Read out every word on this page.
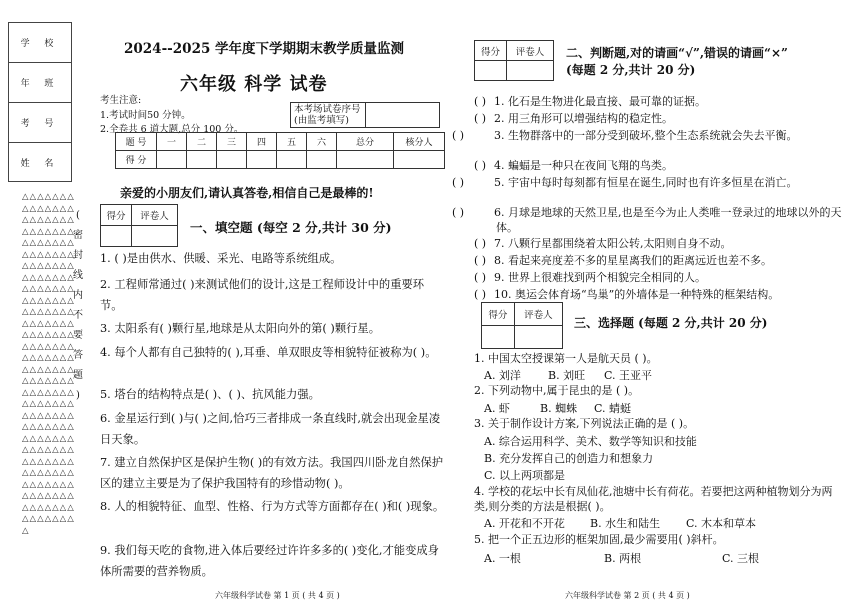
学 校
年 班
考 号
姓 名
△△△△△△△△△△△△△△△△△△△△△△△△△△△△△△△△△△△△△△△△△△△△△△△△△△△△△△△△△△△△△△△△△△△△△△△△△△△△△△△△△△△△△△△△△△△△△△△△△△△△△△△△△△△△△△△△△△△△△△△△△△△△△△△△△△△△△△△△△△△△△△△△△△△△△△△△△△△△△△△△△△△△△△△△△△△△△△△△△△△△△△△△△△△△△△△△△△△△△△△△△△△△
(
密
封
线
内
不
要
答
题
)
2024--2025 学年度下学期期末教学质量监测
六年级 科学 试卷
考生注意:
1.考试时间50 分钟。
2.全卷共 6 道大题,总分 100 分。
本考场试卷序号
(由监考填写)	
题 号	一	二	三	四	五	六	总分	核分人
得 分								
亲爱的小朋友们,请认真答卷,相信自己是最棒的!
得分	评卷人

一、填空题 (每空 2 分,共计 30 分)
1. ( )是由供水、供暖、采光、电路等系统组成。
2. 工程师常通过( )来测试他们的设计,这是工程师设计中的重要环节。
3. 太阳系有( )颗行星,地球是从太阳向外的第( )颗行星。
4. 每个人都有自己独特的( ),耳垂、单双眼皮等相貌特征被称为( )。
5. 塔台的结构特点是( )、( )、抗风能力强。
6. 金星运行到( )与( )之间,恰巧三者排成一条直线时,就会出现金星凌日天象。
7. 建立自然保护区是保护生物( )的有效方法。我国四川卧龙自然保护区的建立主要是为了保护我国特有的珍惜动物( )。
8. 人的相貌特征、血型、性格、行为方式等方面都存在( )和( )现象。
9. 我们每天吃的食物,进入体后要经过许许多多的( )变化,才能变成身体所需要的营养物质。
六年级科学试卷 第 1 页 ( 共 4 页 )
得分	评卷人
	二、判断题,对的请画“√”,错误的请画“×”
(每题 2 分,共计 20 分)
( ) 1. 化石是生物进化最直接、最可靠的证据。
( ) 2. 用三角形可以增强结构的稳定性。
( )	3. 生物群落中的一部分受到破坏,整个生态系统就会失去平衡。
( ) 4. 蝙蝠是一种只在夜间飞翔的鸟类。
( )	5. 宇宙中每时每刻都有恒星在诞生,同时也有许多恒星在消亡。
( )	6. 月球是地球的天然卫星,也是至今为止人类唯一登录过的地球以外的天体。
( ) 7. 八颗行星都围绕着太阳公转,太阳则自身不动。
( ) 8. 看起来亮度差不多的星星离我们的距离远近也差不多。
( ) 9. 世界上很难找到两个相貌完全相同的人。
( ) 10. 奥运会体育场“鸟巢”的外墙体是一种特殊的框架结构。
得分	评卷人

三、选择题 (每题 2 分,共计 20 分)
1. 中国太空授课第一人是航天员 ( )。
A. 刘洋 B. 刘旺 C. 王亚平
2. 下列动物中,属于昆虫的是 ( )。
A. 虾	B. 蜘蛛 C. 蜻蜓
3. 关于制作设计方案,下列说法正确的是 ( )。
A. 综合运用科学、美术、数学等知识和技能
B. 充分发挥自己的创造力和想象力
C. 以上两项都是
4. 学校的花坛中长有凤仙花,池塘中长有荷花。若要把这两种植物划分为两类,则分类的方法是根据( )。
A. 开花和不开花 B. 水生和陆生 C. 木本和草本
5. 把一个正五边形的框架加固,最少需要用( )斜杆。
A. 一根	B. 两根	C. 三根
六年级科学试卷 第 2 页 ( 共 4 页 )
